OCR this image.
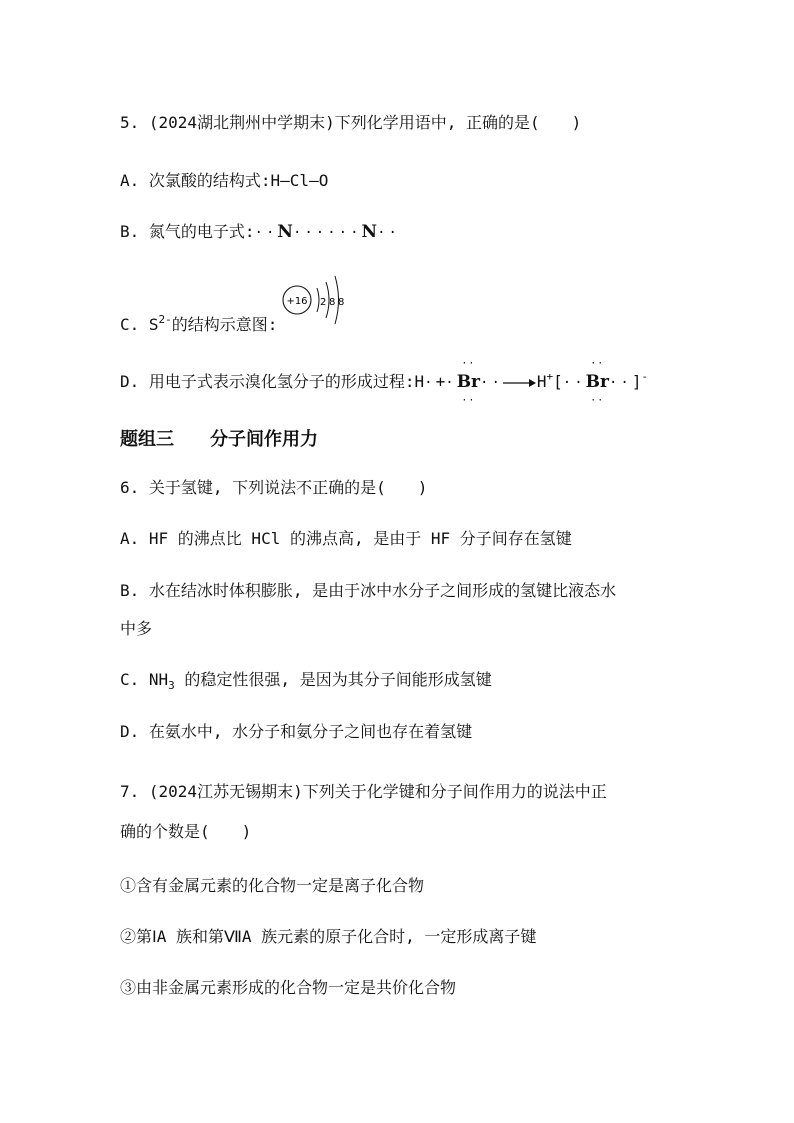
5. (2024湖北荆州中学期末)下列化学用语中, 正确的是(　　)
A. 次氯酸的结构式:H—Cl—O
B. 氮气的电子式:··N······N··
C. $S^{2-}$的结构示意图:
+16 2 8 8
D. 用电子式表示溴化氢分子的形成过程:H·+·
··
Br
··
··→H+[··
··
Br
··
··]-
题组三 分子间作用力
6. 关于氢键, 下列说法不正确的是(　　)
A. HF 的沸点比 HCl 的沸点高, 是由于 HF 分子间存在氢键
B. 水在结冰时体积膨胀, 是由于冰中水分子之间形成的氢键比液态水
中多
C. $NH_3$ 的稳定性很强, 是因为其分子间能形成氢键
D. 在氨水中, 水分子和氨分子之间也存在着氢键
7. (2024江苏无锡期末)下列关于化学键和分子间作用力的说法中正
确的个数是(　　)
①含有金属元素的化合物一定是离子化合物
②第ⅠA 族和第ⅦA 族元素的原子化合时, 一定形成离子键
③由非金属元素形成的化合物一定是共价化合物
